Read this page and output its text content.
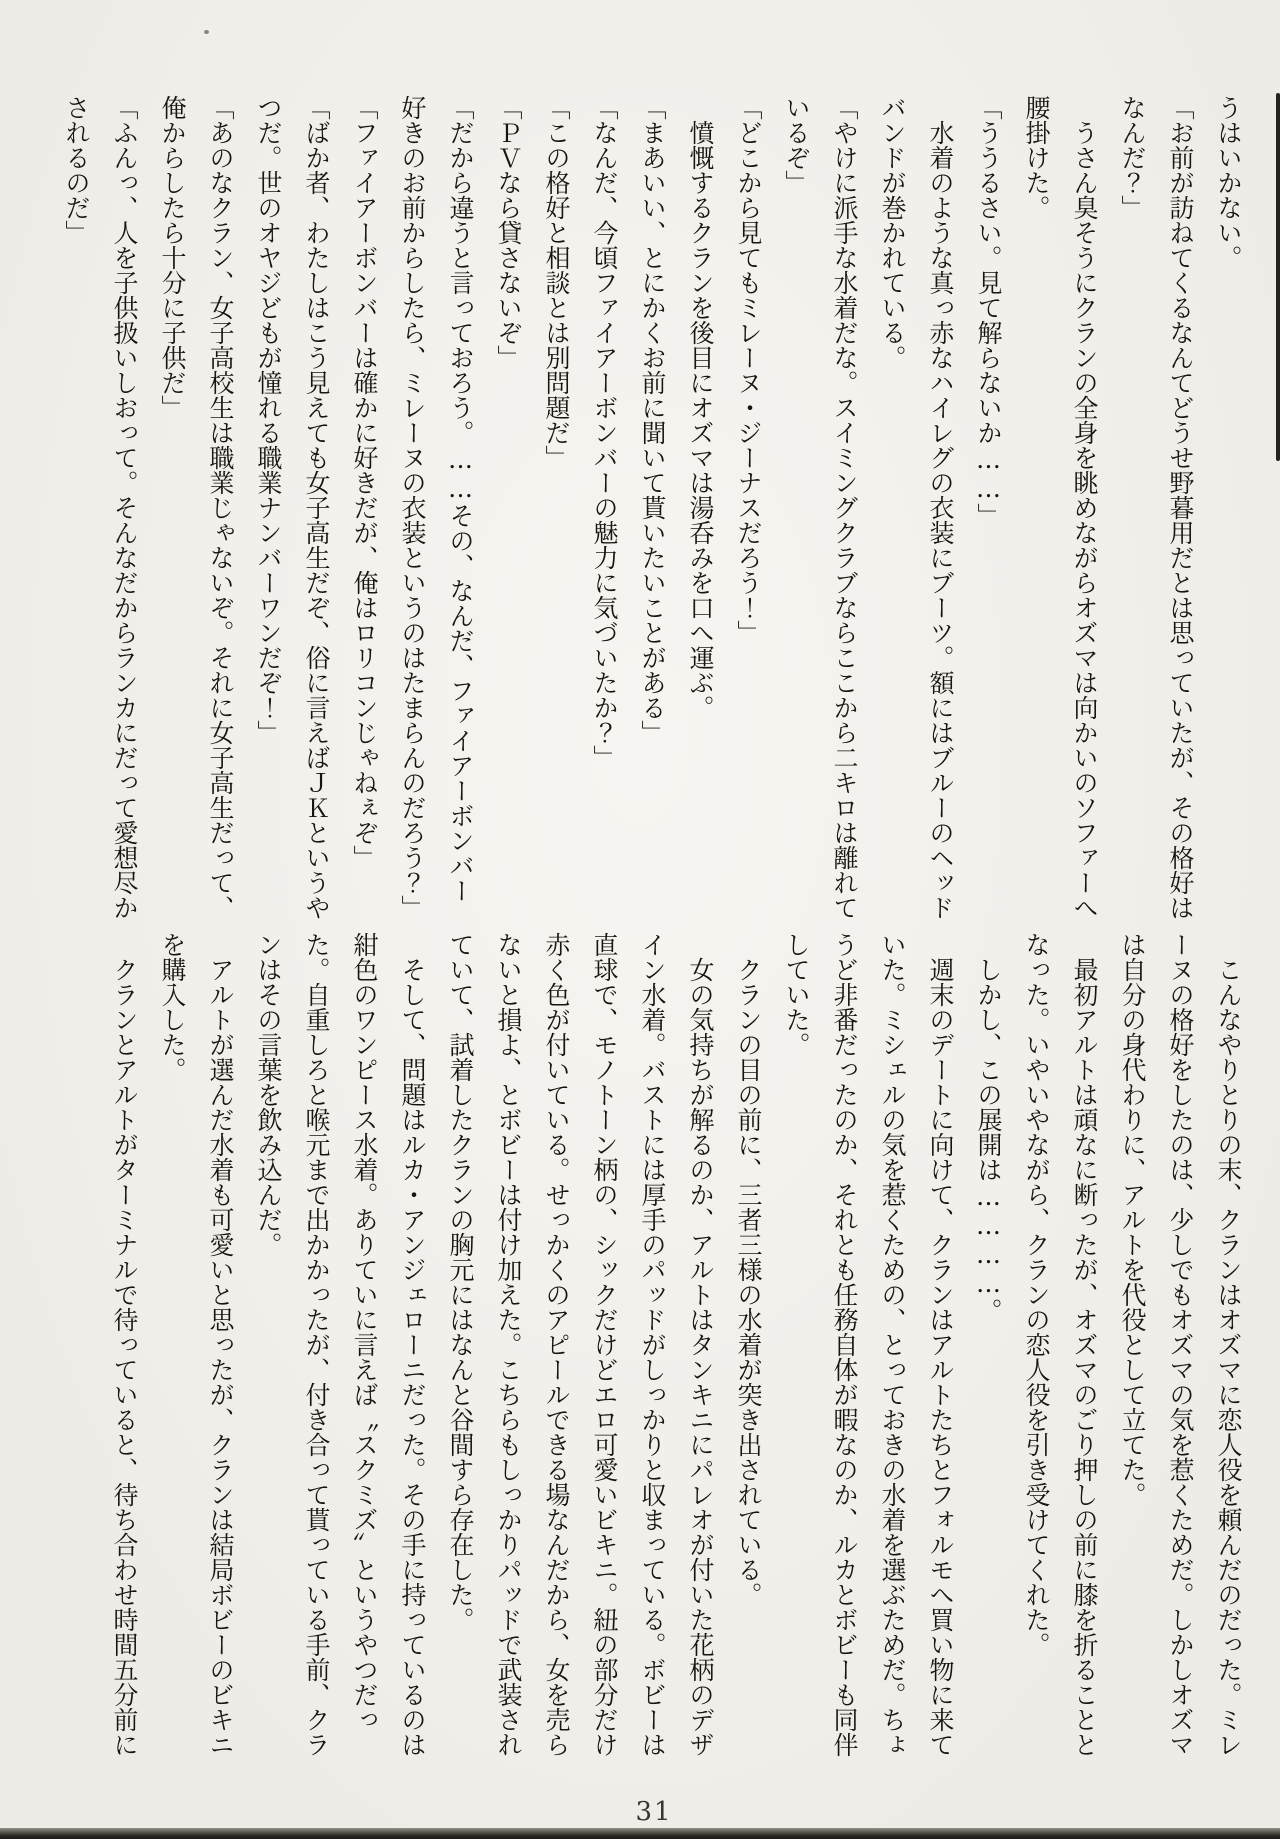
うはいかない。

「お前が訪ねてくるなんてどうせ野暮用だとは思っていたが、その格好はなんだ？」

　うさん臭そうにクランの全身を眺めながらオズマは向かいのソファーへ腰掛けた。

「ううるさい。見て解らないか……」

　水着のような真っ赤なハイレグの衣装にブーツ。額にはブルーのヘッドバンドが巻かれている。

「やけに派手な水着だな。スイミングクラブならここから二キロは離れているぞ」

「どこから見てもミレーヌ・ジーナスだろう！」

　憤慨するクランを後目にオズマは湯呑みを口へ運ぶ。

「まあいい、とにかくお前に聞いて貰いたいことがある」

「なんだ、今頃ファイアーボンバーの魅力に気づいたか？」

「この格好と相談とは別問題だ」

「ＰＶなら貸さないぞ」

「だから違うと言っておろう。……その、なんだ、ファイアーボンバー好きのお前からしたら、ミレーヌの衣装というのはたまらんのだろう？」

「ファイアーボンバーは確かに好きだが、俺はロリコンじゃねぇぞ」

「ばか者、わたしはこう見えても女子高生だぞ、俗に言えばＪＫというやつだ。世のオヤジどもが憧れる職業ナンバーワンだぞ！」

「あのなクラン、女子高校生は職業じゃないぞ。それに女子高生だって、俺からしたら十分に子供だ」

「ふんっ、人を子供扱いしおって。そんなだからランカにだって愛想尽かされるのだ」

　こんなやりとりの末、クランはオズマに恋人役を頼んだのだった。ミレーヌの格好をしたのは、少しでもオズマの気を惹くためだ。しかしオズマは自分の身代わりに、アルトを代役として立てた。

　最初アルトは頑なに断ったが、オズマのごり押しの前に膝を折ることとなった。いやいやながら、クランの恋人役を引き受けてくれた。

　しかし、この展開は…………。

　週末のデートに向けて、クランはアルトたちとフォルモへ買い物に来ていた。ミシェルの気を惹くための、とっておきの水着を選ぶためだ。ちょうど非番だったのか、それとも任務自体が暇なのか、ルカとボビーも同伴していた。

　クランの目の前に、三者三様の水着が突き出されている。

　女の気持ちが解るのか、アルトはタンキニにパレオが付いた花柄のデザイン水着。バストには厚手のパッドがしっかりと収まっている。ボビーは直球で、モノトーン柄の、シックだけどエロ可愛いビキニ。紐の部分だけ赤く色が付いている。せっかくのアピールできる場なんだから、女を売らないと損よ、とボビーは付け加えた。こちらもしっかりパッドで武装されていて、試着したクランの胸元にはなんと谷間すら存在した。

　そして、問題はルカ・アンジェローニだった。その手に持っているのは紺色のワンピース水着。ありていに言えば〝スクミズ〟というやつだった。自重しろと喉元まで出かかったが、付き合って貰っている手前、クランはその言葉を飲み込んだ。

　アルトが選んだ水着も可愛いと思ったが、クランは結局ボビーのビキニを購入した。

　クランとアルトがターミナルで待っていると、待ち合わせ時間五分前に

31
